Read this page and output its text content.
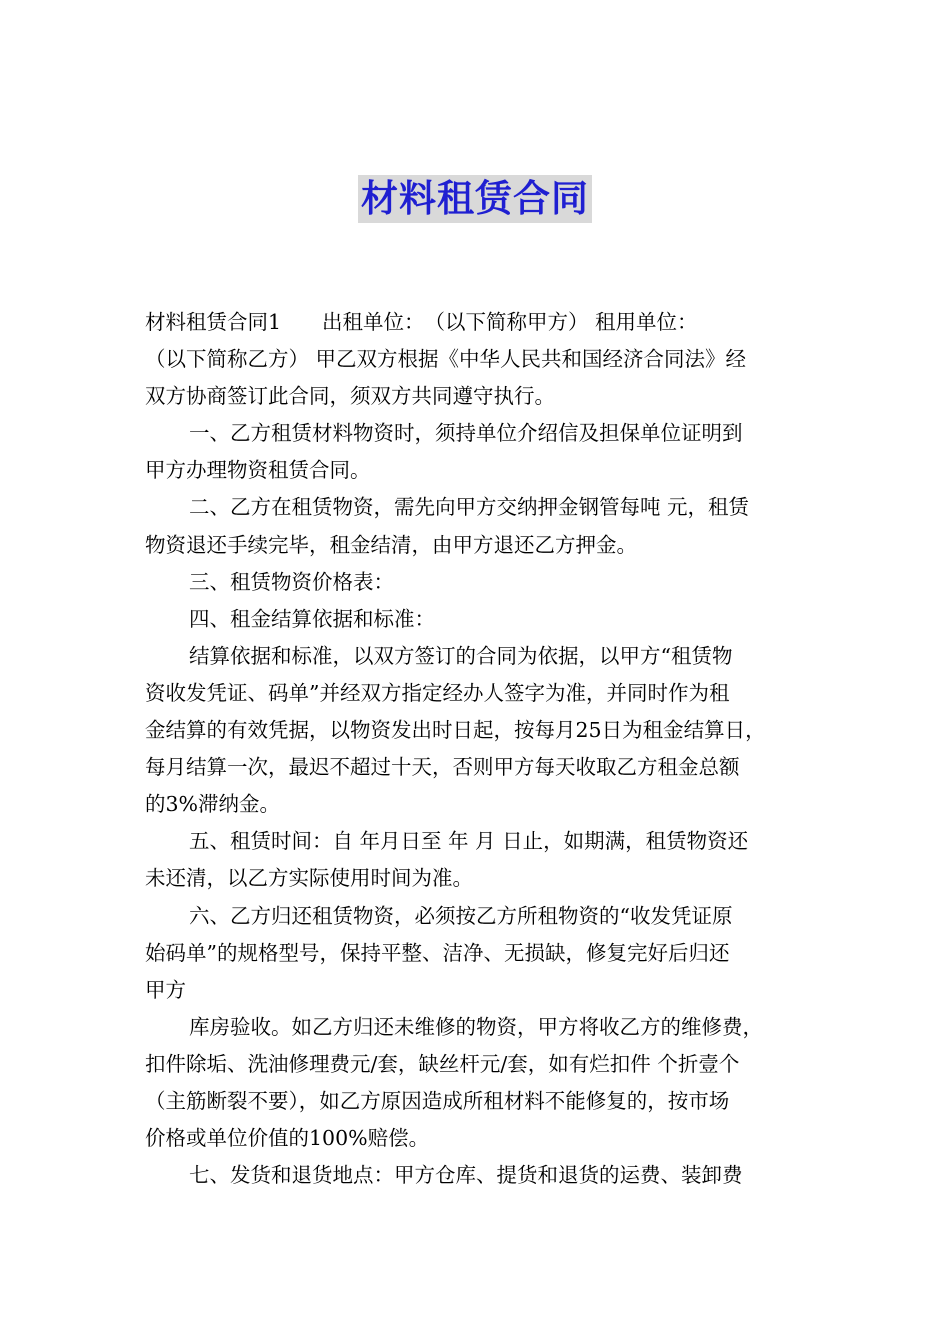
材料租赁合同
材料租赁合同1　　出租单位：　（以下简称甲方） 租用单位：
（以下简称乙方） 甲乙双方根据《中华人民共和国经济合同法》经
双方协商签订此合同，须双方共同遵守执行。
一、乙方租赁材料物资时，须持单位介绍信及担保单位证明到
甲方办理物资租赁合同。
二、乙方在租赁物资，需先向甲方交纳押金钢管每吨 元，租赁
物资退还手续完毕，租金结清，由甲方退还乙方押金。
三、租赁物资价格表：
四、租金结算依据和标准：
结算依据和标准，以双方签订的合同为依据，以甲方“租赁物
资收发凭证、码单”并经双方指定经办人签字为准，并同时作为租
金结算的有效凭据，以物资发出时日起，按每月25日为租金结算日，
每月结算一次，最迟不超过十天，否则甲方每天收取乙方租金总额
的3%滞纳金。
五、租赁时间：自 年月日至 年 月 日止，如期满，租赁物资还
未还清，以乙方实际使用时间为准。
六、乙方归还租赁物资，必须按乙方所租物资的“收发凭证原
始码单”的规格型号，保持平整、洁净、无损缺，修复完好后归还
甲方
库房验收。如乙方归还未维修的物资，甲方将收乙方的维修费，
扣件除垢、洗油修理费元/套，缺丝杆元/套，如有烂扣件 个折壹个
（主筋断裂不要），如乙方原因造成所租材料不能修复的，按市场
价格或单位价值的100%赔偿。
七、发货和退货地点：甲方仓库、提货和退货的运费、装卸费
